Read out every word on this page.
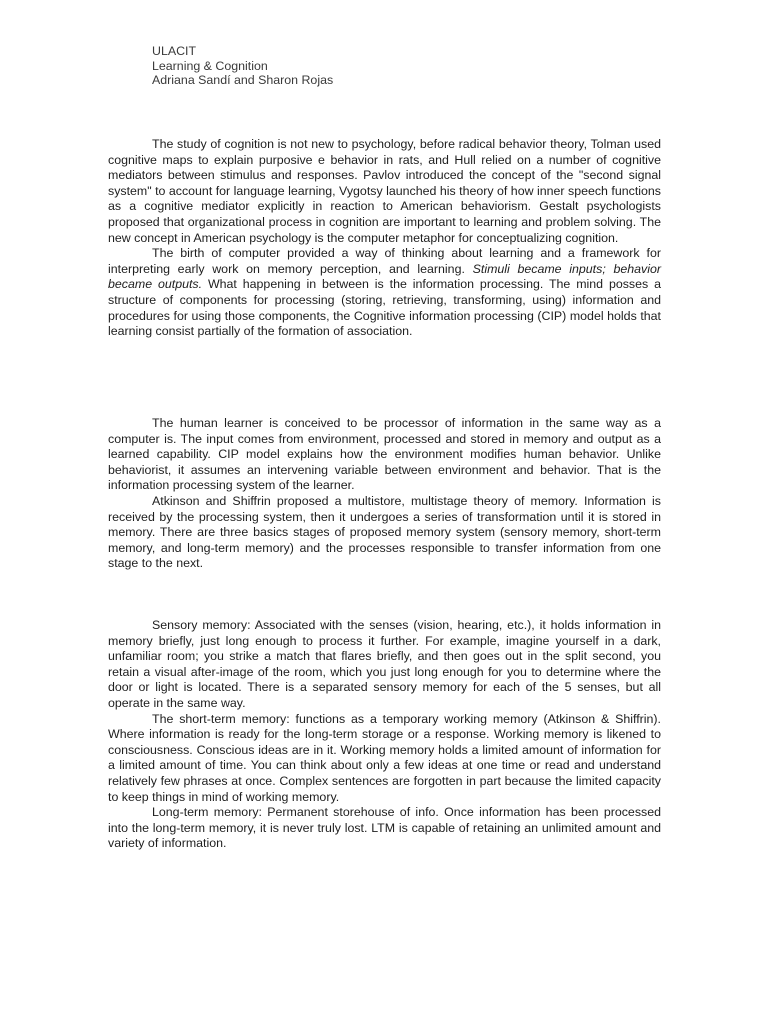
ULACIT
Learning & Cognition
Adriana Sandí and Sharon Rojas

The study of cognition is not new to psychology, before radical behavior theory, Tolman used cognitive maps to explain purposive e behavior in rats, and Hull relied on a number of cognitive mediators between stimulus and responses. Pavlov introduced the concept of the "second signal system" to account for language learning, Vygotsy launched his theory of how inner speech functions as a cognitive mediator explicitly in reaction to American behaviorism. Gestalt psychologists proposed that organizational process in cognition are important to learning and problem solving. The new concept in American psychology is the computer metaphor for conceptualizing cognition.

The birth of computer provided a way of thinking about learning and a framework for interpreting early work on memory perception, and learning. Stimuli became inputs; behavior became outputs. What happening in between is the information processing. The mind posses a structure of components for processing (storing, retrieving, transforming, using) information and procedures for using those components, the Cognitive information processing (CIP) model holds that learning consist partially of the formation of association.

The human learner is conceived to be processor of information in the same way as a computer is. The input comes from environment, processed and stored in memory and output as a learned capability. CIP model explains how the environment modifies human behavior. Unlike behaviorist, it assumes an intervening variable between environment and behavior. That is the information processing system of the learner.

Atkinson and Shiffrin proposed a multistore, multistage theory of memory. Information is received by the processing system, then it undergoes a series of transformation until it is stored in memory. There are three basics stages of proposed memory system (sensory memory, short-term memory, and long-term memory) and the processes responsible to transfer information from one stage to the next.

Sensory memory: Associated with the senses (vision, hearing, etc.), it holds information in memory briefly, just long enough to process it further. For example, imagine yourself in a dark, unfamiliar room; you strike a match that flares briefly, and then goes out in the split second, you retain a visual after-image of the room, which you just long enough for you to determine where the door or light is located. There is a separated sensory memory for each of the 5 senses, but all operate in the same way.

The short-term memory: functions as a temporary working memory (Atkinson & Shiffrin). Where information is ready for the long-term storage or a response. Working memory is likened to consciousness. Conscious ideas are in it. Working memory holds a limited amount of information for a limited amount of time. You can think about only a few ideas at one time or read and understand relatively few phrases at once. Complex sentences are forgotten in part because the limited capacity to keep things in mind of working memory.

Long-term memory: Permanent storehouse of info. Once information has been processed into the long-term memory, it is never truly lost. LTM is capable of retaining an unlimited amount and variety of information.
